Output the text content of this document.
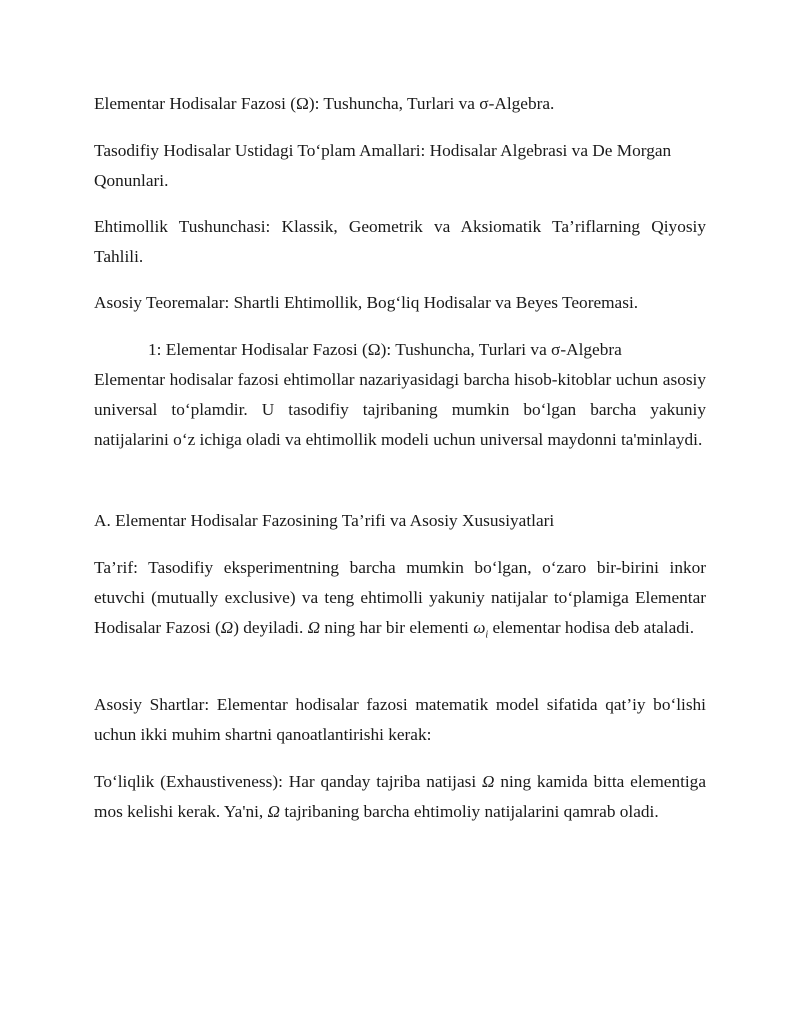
Elementar Hodisalar Fazosi (Ω): Tushuncha, Turlari va σ-Algebra.

Tasodifiy Hodisalar Ustidagi To‘plam Amallari: Hodisalar Algebrasi va De Morgan Qonunlari.

Ehtimollik Tushunchasi: Klassik, Geometrik va Aksiomatik Ta’riflarning Qiyosiy Tahlili.

Asosiy Teoremalar: Shartli Ehtimollik, Bog‘liq Hodisalar va Beyes Teoremasi.

1: Elementar Hodisalar Fazosi (Ω): Tushuncha, Turlari va σ-Algebra

Elementar hodisalar fazosi ehtimollar nazariyasidagi barcha hisob-kitoblar uchun asosiy universal to‘plamdir. U tasodifiy tajribaning mumkin bo‘lgan barcha yakuniy natijalarini o‘z ichiga oladi va ehtimollik modeli uchun universal maydonni ta'minlaydi.

A. Elementar Hodisalar Fazosining Ta’rifi va Asosiy Xususiyatlari

Ta’rif: Tasodifiy eksperimentning barcha mumkin bo‘lgan, o‘zaro bir-birini inkor etuvchi (mutually exclusive) va teng ehtimolli yakuniy natijalar to‘plamiga Elementar Hodisalar Fazosi (Ω) deyiladi. Ω ning har bir elementi $\omega_i$ elementar hodisa deb ataladi.

Asosiy Shartlar: Elementar hodisalar fazosi matematik model sifatida qat’iy bo‘lishi uchun ikki muhim shartni qanoatlantirishi kerak:

To‘liqlik (Exhaustiveness): Har qanday tajriba natijasi Ω ning kamida bitta elementiga mos kelishi kerak. Ya'ni, Ω tajribaning barcha ehtimoliy natijalarini qamrab oladi.
